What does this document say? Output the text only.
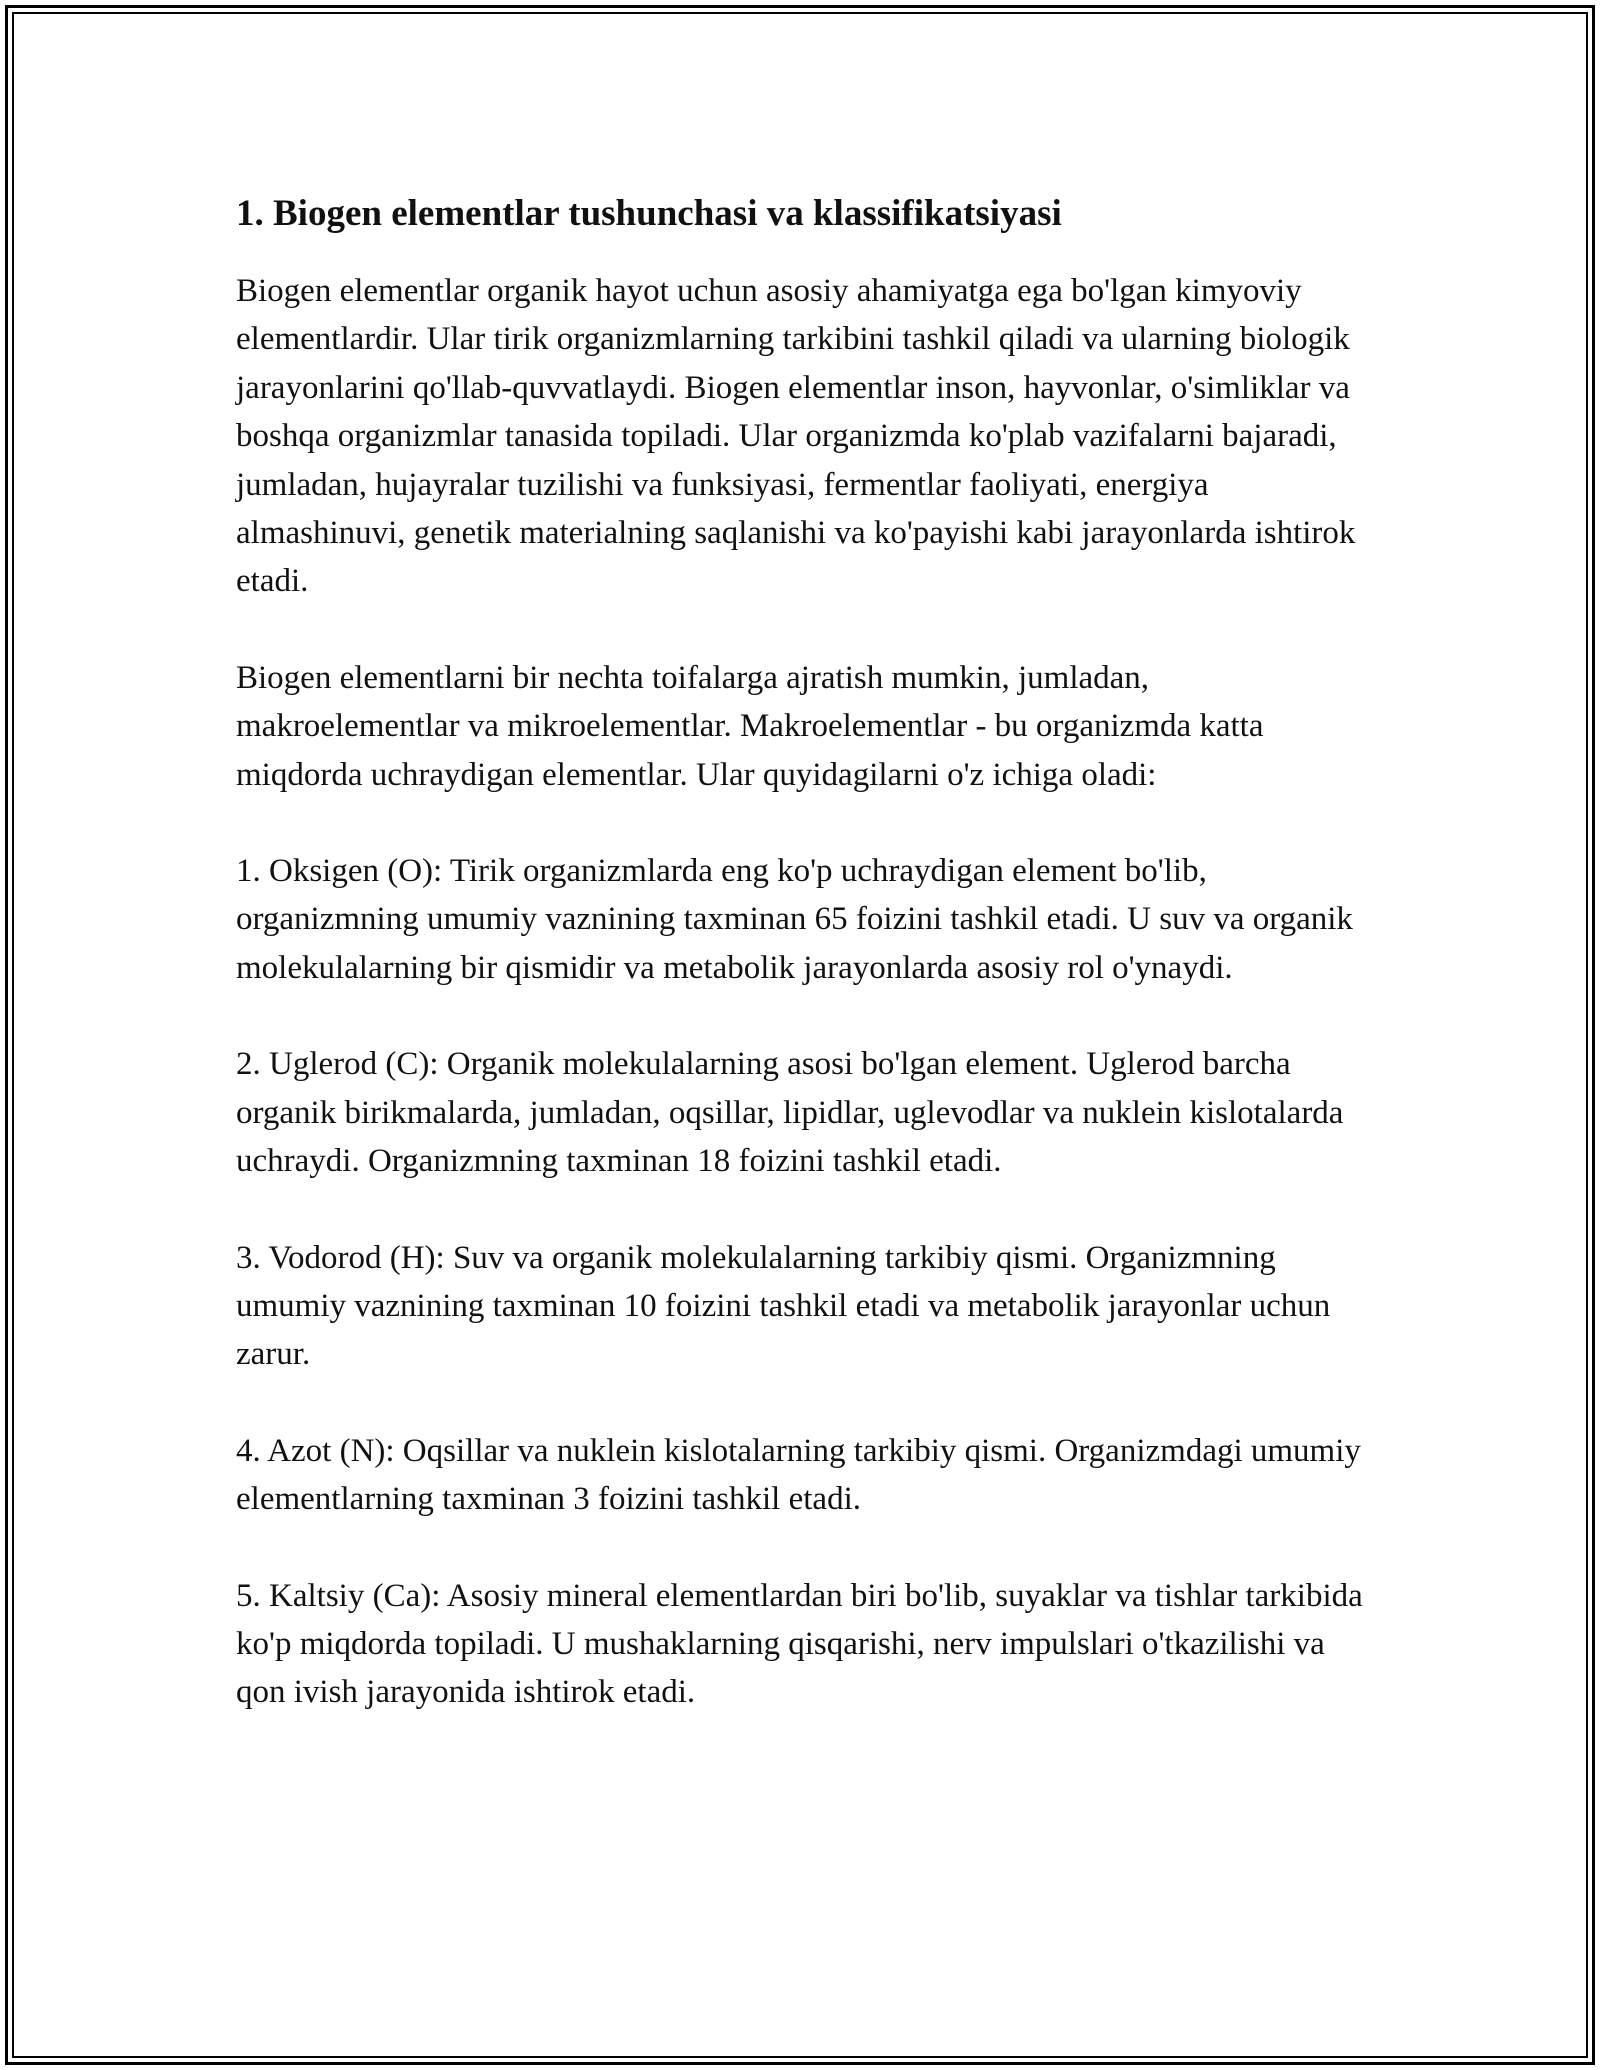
1. Biogen elementlar tushunchasi va klassifikatsiyasi

Biogen elementlar organik hayot uchun asosiy ahamiyatga ega bo'lgan kimyoviy elementlardir. Ular tirik organizmlarning tarkibini tashkil qiladi va ularning biologik jarayonlarini qo'llab-quvvatlaydi. Biogen elementlar inson, hayvonlar, o'simliklar va boshqa organizmlar tanasida topiladi. Ular organizmda ko'plab vazifalarni bajaradi, jumladan, hujayralar tuzilishi va funksiyasi, fermentlar faoliyati, energiya almashinuvi, genetik materialning saqlanishi va ko'payishi kabi jarayonlarda ishtirok etadi.

Biogen elementlarni bir nechta toifalarga ajratish mumkin, jumladan, makroelementlar va mikroelementlar. Makroelementlar - bu organizmda katta miqdorda uchraydigan elementlar. Ular quyidagilarni o'z ichiga oladi:

1. Oksigen (O): Tirik organizmlarda eng ko'p uchraydigan element bo'lib, organizmning umumiy vaznining taxminan 65 foizini tashkil etadi. U suv va organik molekulalarning bir qismidir va metabolik jarayonlarda asosiy rol o'ynaydi.

2. Uglerod (C): Organik molekulalarning asosi bo'lgan element. Uglerod barcha organik birikmalarda, jumladan, oqsillar, lipidlar, uglevodlar va nuklein kislotalarda uchraydi. Organizmning taxminan 18 foizini tashkil etadi.

3. Vodorod (H): Suv va organik molekulalarning tarkibiy qismi. Organizmning umumiy vaznining taxminan 10 foizini tashkil etadi va metabolik jarayonlar uchun zarur.

4. Azot (N): Oqsillar va nuklein kislotalarning tarkibiy qismi. Organizmdagi umumiy elementlarning taxminan 3 foizini tashkil etadi.

5. Kaltsiy (Ca): Asosiy mineral elementlardan biri bo'lib, suyaklar va tishlar tarkibida ko'p miqdorda topiladi. U mushaklarning qisqarishi, nerv impulslari o'tkazilishi va qon ivish jarayonida ishtirok etadi.
